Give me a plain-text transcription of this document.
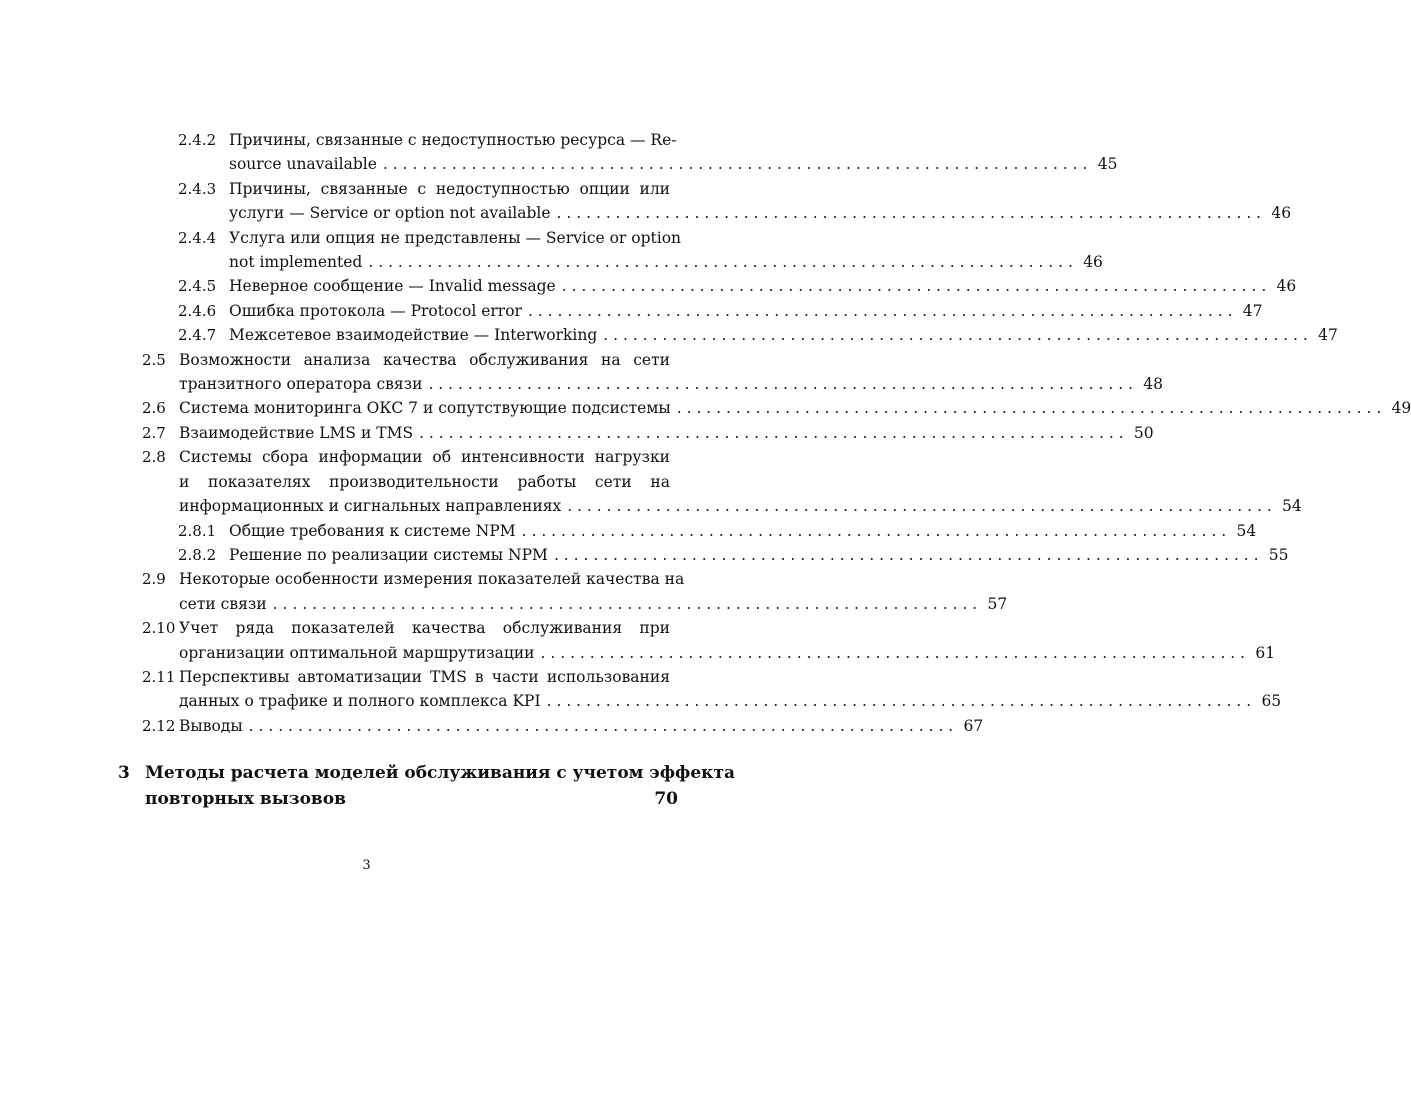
2.4.2 Причины, связанные с недоступностью ресурса — Re-
source unavailable . . . . . . . . . . . . . . . . . . . . . . . . . . . . . . . . . . . . . . . . . . . . . . . . . . . . . . . . . . . . . . . . . . . . . . . . 45
2.4.3 Причины, связанные с недоступностью опции или
услуги — Service or option not available . . . . . . . . . . . . . . . . . . . . . . . . . . . . . . . . . . . . . . . . . . . . . . . . . . . . . . . . . . . . . . . . . . . . . . . . 46
2.4.4 Услуга или опция не представлены — Service or option
not implemented . . . . . . . . . . . . . . . . . . . . . . . . . . . . . . . . . . . . . . . . . . . . . . . . . . . . . . . . . . . . . . . . . . . . . . . . 46
2.4.5 Неверное сообщение — Invalid message . . . . . . . . . . . . . . . . . . . . . . . . . . . . . . . . . . . . . . . . . . . . . . . . . . . . . . . . . . . . . . . . . . . . . . . . 46
2.4.6 Ошибка протокола — Protocol error . . . . . . . . . . . . . . . . . . . . . . . . . . . . . . . . . . . . . . . . . . . . . . . . . . . . . . . . . . . . . . . . . . . . . . . . 47
2.4.7 Межсетевое взаимодействие — Interworking . . . . . . . . . . . . . . . . . . . . . . . . . . . . . . . . . . . . . . . . . . . . . . . . . . . . . . . . . . . . . . . . . . . . . . . . 47
2.5 Возможности анализа качества обслуживания на сети
транзитного оператора связи . . . . . . . . . . . . . . . . . . . . . . . . . . . . . . . . . . . . . . . . . . . . . . . . . . . . . . . . . . . . . . . . . . . . . . . . 48
2.6 Система мониторинга ОКС 7 и сопутствующие подсистемы . . . . . . . . . . . . . . . . . . . . . . . . . . . . . . . . . . . . . . . . . . . . . . . . . . . . . . . . . . . . . . . . . . . . . . . . 49
2.7 Взаимодействие LMS и TMS . . . . . . . . . . . . . . . . . . . . . . . . . . . . . . . . . . . . . . . . . . . . . . . . . . . . . . . . . . . . . . . . . . . . . . . . 50
2.8 Системы сбора информации об интенсивности нагрузки
и показателях производительности работы сети на
информационных и сигнальных направлениях . . . . . . . . . . . . . . . . . . . . . . . . . . . . . . . . . . . . . . . . . . . . . . . . . . . . . . . . . . . . . . . . . . . . . . . . 54
2.8.1 Общие требования к системе NPM . . . . . . . . . . . . . . . . . . . . . . . . . . . . . . . . . . . . . . . . . . . . . . . . . . . . . . . . . . . . . . . . . . . . . . . . 54
2.8.2 Решение по реализации системы NPM . . . . . . . . . . . . . . . . . . . . . . . . . . . . . . . . . . . . . . . . . . . . . . . . . . . . . . . . . . . . . . . . . . . . . . . . 55
2.9 Некоторые особенности измерения показателей качества на
сети связи . . . . . . . . . . . . . . . . . . . . . . . . . . . . . . . . . . . . . . . . . . . . . . . . . . . . . . . . . . . . . . . . . . . . . . . . 57
2.10 Учет ряда показателей качества обслуживания при
организации оптимальной маршрутизации . . . . . . . . . . . . . . . . . . . . . . . . . . . . . . . . . . . . . . . . . . . . . . . . . . . . . . . . . . . . . . . . . . . . . . . . 61
2.11 Перспективы автоматизации TMS в части использования
данных о трафике и полного комплекса KPI . . . . . . . . . . . . . . . . . . . . . . . . . . . . . . . . . . . . . . . . . . . . . . . . . . . . . . . . . . . . . . . . . . . . . . . . 65
2.12 Выводы . . . . . . . . . . . . . . . . . . . . . . . . . . . . . . . . . . . . . . . . . . . . . . . . . . . . . . . . . . . . . . . . . . . . . . . . 67
3 Методы расчета моделей обслуживания с учетом эффекта
повторных вызовов	70
3
